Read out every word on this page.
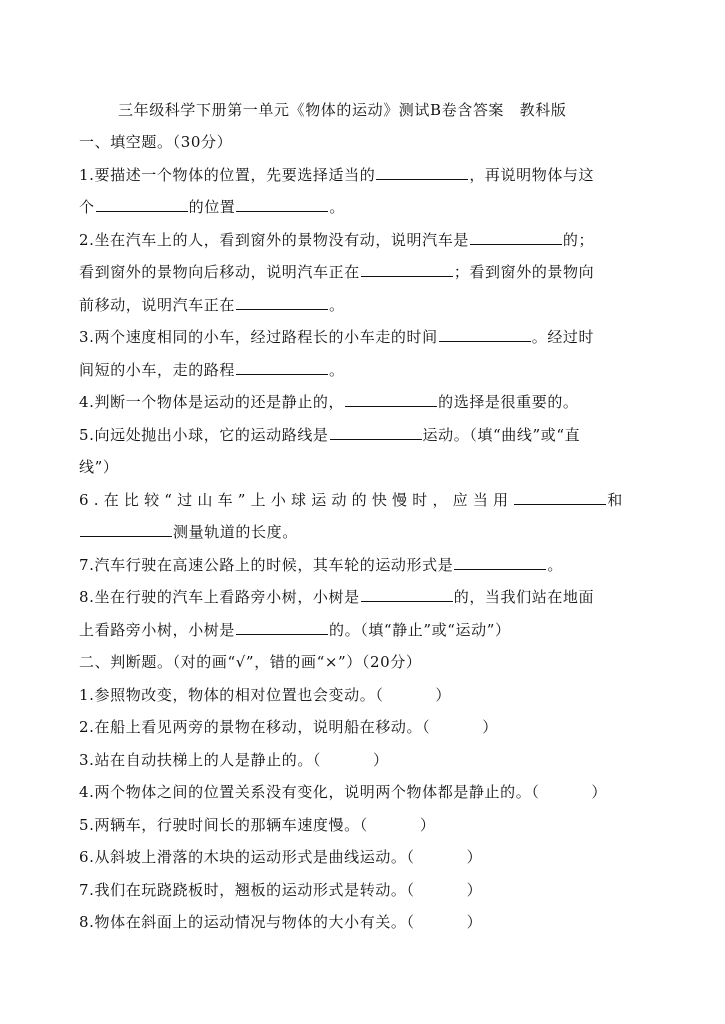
三年级科学下册第一单元《物体的运动》测试B卷含答案　教科版
一、填空题。（30分）
1.要描述一个物体的位置，先要选择适当的	，再说明物体与这
个	的位置	。
2.坐在汽车上的人，看到窗外的景物没有动，说明汽车是	的；
看到窗外的景物向后移动，说明汽车正在	；看到窗外的景物向
前移动，说明汽车正在	。
3.两个速度相同的小车，经过路程长的小车走的时间	。经过时
间短的小车，走的路程	。
4.判断一个物体是运动的还是静止的，	的选择是很重要的。
5.向远处抛出小球，它的运动路线是	运动。（填“曲线”或“直
线”）
6.在比较“过山车”上小球运动的快慢时，应当用	和
测量轨道的长度。
7.汽车行驶在高速公路上的时候，其车轮的运动形式是	。
8.坐在行驶的汽车上看路旁小树，小树是	的，当我们站在地面
上看路旁小树，小树是	的。（填“静止”或“运动”）
二、判断题。（对的画“√”，错的画“×”）（20分）
1.参照物改变，物体的相对位置也会变动。（	）
2.在船上看见两旁的景物在移动，说明船在移动。（	）
3.站在自动扶梯上的人是静止的。（	）
4.两个物体之间的位置关系没有变化，说明两个物体都是静止的。（	）
5.两辆车，行驶时间长的那辆车速度慢。（	）
6.从斜坡上滑落的木块的运动形式是曲线运动。（	）
7.我们在玩跷跷板时，翘板的运动形式是转动。（	）
8.物体在斜面上的运动情况与物体的大小有关。（	）
